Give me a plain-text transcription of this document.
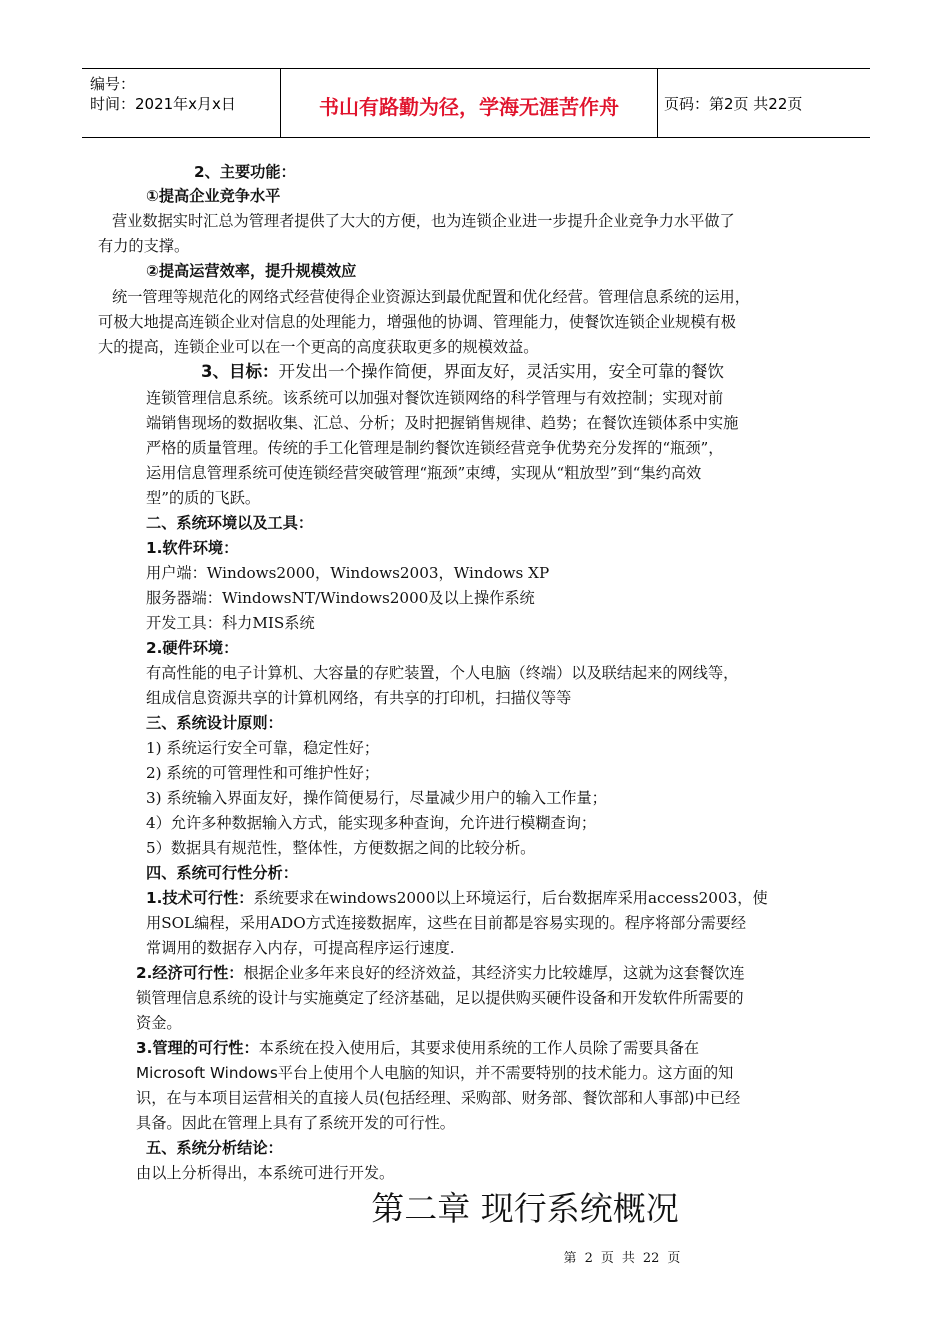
编号：
时间：2021年x月x日	书山有路勤为径，学海无涯苦作舟	页码：第2页 共22页
2、主要功能：
①提高企业竞争水平
营业数据实时汇总为管理者提供了大大的方便，也为连锁企业进一步提升企业竞争力水平做了
有力的支撑。
②提高运营效率，提升规模效应
统一管理等规范化的网络式经营使得企业资源达到最优配置和优化经营。管理信息系统的运用，
可极大地提高连锁企业对信息的处理能力，增强他的协调、管理能力，使餐饮连锁企业规模有极
大的提高，连锁企业可以在一个更高的高度获取更多的规模效益。
3、目标：开发出一个操作简便，界面友好，灵活实用，安全可靠的餐饮
连锁管理信息系统。该系统可以加强对餐饮连锁网络的科学管理与有效控制；实现对前
端销售现场的数据收集、汇总、分析；及时把握销售规律、趋势；在餐饮连锁体系中实施
严格的质量管理。传统的手工化管理是制约餐饮连锁经营竞争优势充分发挥的“瓶颈”，
运用信息管理系统可使连锁经营突破管理“瓶颈”束缚，实现从“粗放型”到“集约高效
型”的质的飞跃。
二、系统环境以及工具：
1.软件环境：
用户端：Windows2000，Windows2003，Windows XP
服务器端：WindowsNT/Windows2000及以上操作系统
开发工具：科力MIS系统
2.硬件环境：
有高性能的电子计算机、大容量的存贮装置，个人电脑（终端）以及联结起来的网线等，
组成信息资源共享的计算机网络，有共享的打印机，扫描仪等等
三、系统设计原则：
1) 系统运行安全可靠，稳定性好；
2) 系统的可管理性和可维护性好；
3) 系统输入界面友好，操作简便易行，尽量减少用户的输入工作量；
4）允许多种数据输入方式，能实现多种查询，允许进行模糊查询；
5）数据具有规范性，整体性，方便数据之间的比较分析。
四、系统可行性分析：
1.技术可行性：系统要求在windows2000以上环境运行，后台数据库采用access2003，使
用SOL编程，采用ADO方式连接数据库，这些在目前都是容易实现的。程序将部分需要经
常调用的数据存入内存，可提高程序运行速度.
2.经济可行性：根据企业多年来良好的经济效益，其经济实力比较雄厚，这就为这套餐饮连
锁管理信息系统的设计与实施奠定了经济基础，足以提供购买硬件设备和开发软件所需要的
资金。
3.管理的可行性：本系统在投入使用后，其要求使用系统的工作人员除了需要具备在
Microsoft Windows平台上使用个人电脑的知识，并不需要特别的技术能力。这方面的知
识，在与本项目运营相关的直接人员(包括经理、采购部、财务部、餐饮部和人事部)中已经
具备。因此在管理上具有了系统开发的可行性。
五、系统分析结论：
由以上分析得出，本系统可进行开发。
第二章 现行系统概况
第 2 页 共 22 页
